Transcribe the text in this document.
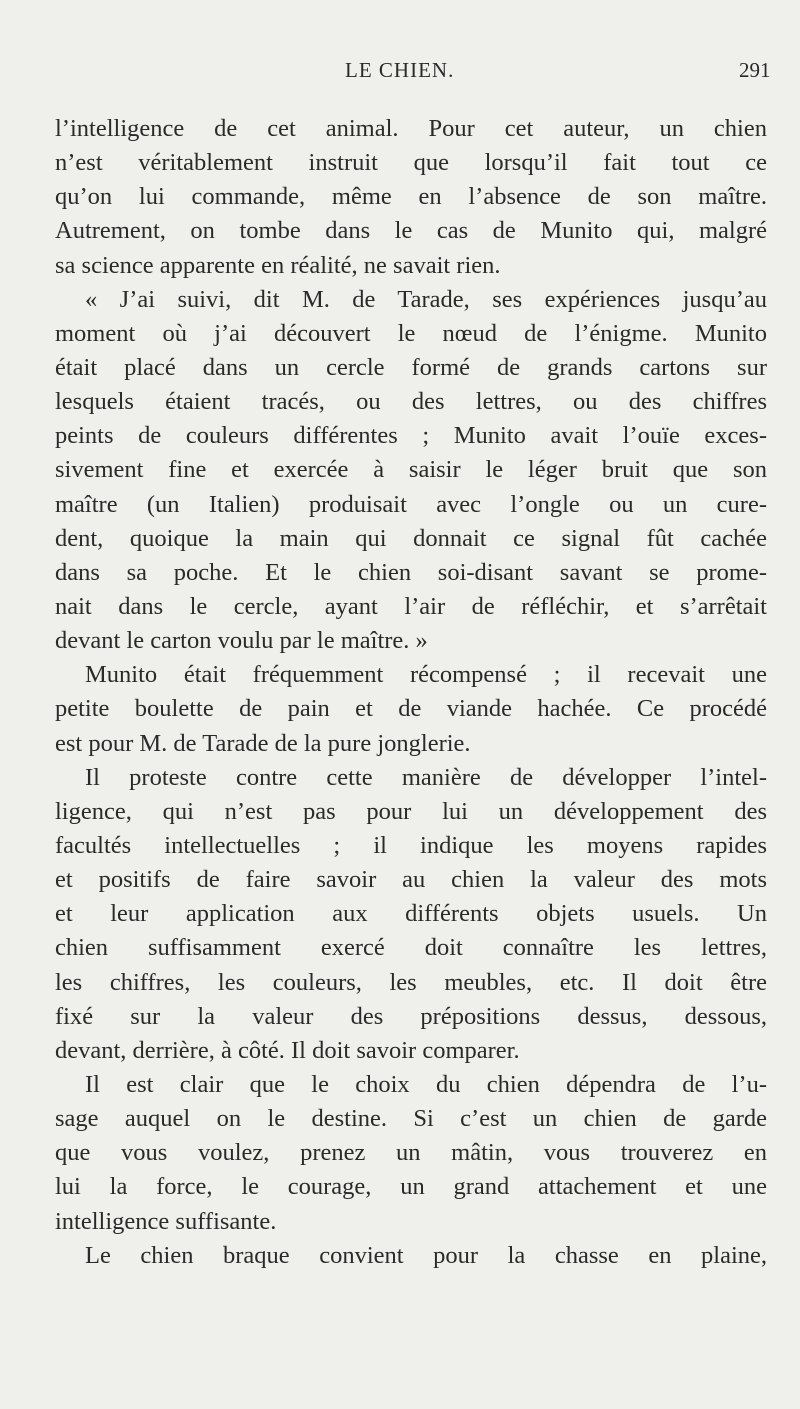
LE CHIEN.	291
l’intelligence de cet animal. Pour cet auteur, un chien
n’est véritablement instruit que lorsqu’il fait tout ce
qu’on lui commande, même en l’absence de son maître.
Autrement, on tombe dans le cas de Munito qui, malgré
sa science apparente en réalité, ne savait rien.
« J’ai suivi, dit M. de Tarade, ses expériences jusqu’au
moment où j’ai découvert le nœud de l’énigme. Munito
était placé dans un cercle formé de grands cartons sur
lesquels étaient tracés, ou des lettres, ou des chiffres
peints de couleurs différentes ; Munito avait l’ouïe exces-
sivement fine et exercée à saisir le léger bruit que son
maître (un Italien) produisait avec l’ongle ou un cure-
dent, quoique la main qui donnait ce signal fût cachée
dans sa poche. Et le chien soi-disant savant se prome-
nait dans le cercle, ayant l’air de réfléchir, et s’arrêtait
devant le carton voulu par le maître. »
Munito était fréquemment récompensé ; il recevait une
petite boulette de pain et de viande hachée. Ce procédé
est pour M. de Tarade de la pure jonglerie.
Il proteste contre cette manière de développer l’intel-
ligence, qui n’est pas pour lui un développement des
facultés intellectuelles ; il indique les moyens rapides
et positifs de faire savoir au chien la valeur des mots
et leur application aux différents objets usuels. Un
chien suffisamment exercé doit connaître les lettres,
les chiffres, les couleurs, les meubles, etc. Il doit être
fixé sur la valeur des prépositions dessus, dessous,
devant, derrière, à côté. Il doit savoir comparer.
Il est clair que le choix du chien dépendra de l’u-
sage auquel on le destine. Si c’est un chien de garde
que vous voulez, prenez un mâtin, vous trouverez en
lui la force, le courage, un grand attachement et une
intelligence suffisante.
Le chien braque convient pour la chasse en plaine,
